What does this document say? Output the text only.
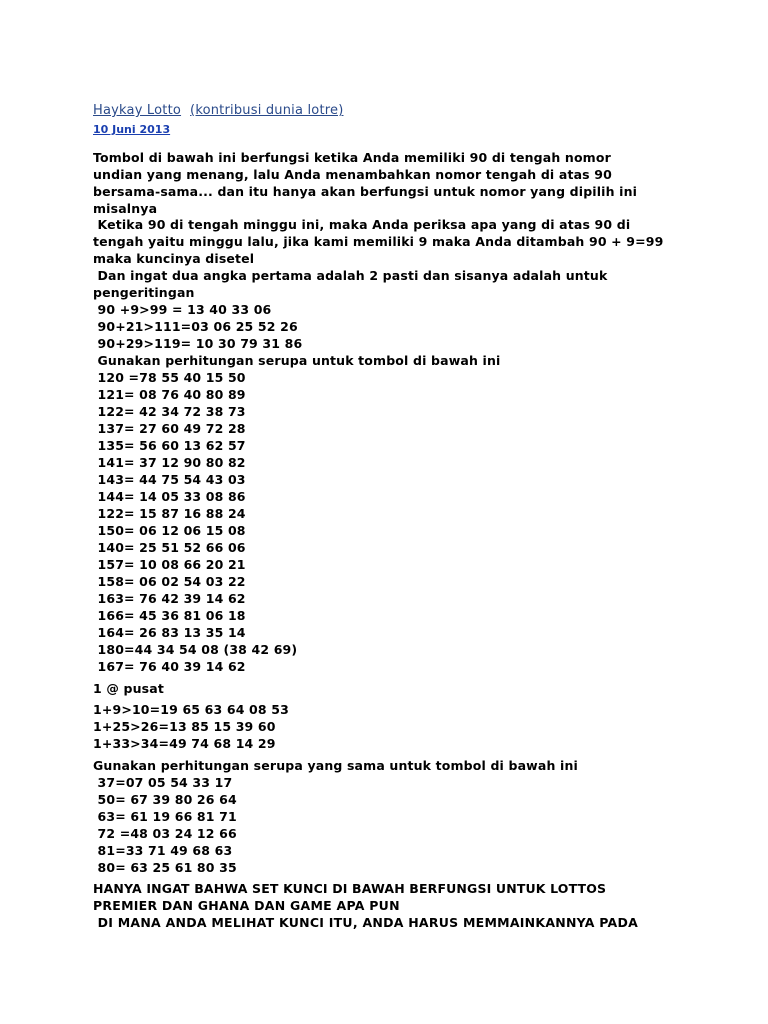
Haykay Lotto (kontribusi dunia lotre)
10 Juni 2013
Tombol di bawah ini berfungsi ketika Anda memiliki 90 di tengah nomor
undian yang menang, lalu Anda menambahkan nomor tengah di atas 90
bersama-sama... dan itu hanya akan berfungsi untuk nomor yang dipilih ini
misalnya
Ketika 90 di tengah minggu ini, maka Anda periksa apa yang di atas 90 di
tengah yaitu minggu lalu, jika kami memiliki 9 maka Anda ditambah 90 + 9=99
maka kuncinya disetel
Dan ingat dua angka pertama adalah 2 pasti dan sisanya adalah untuk
pengeritingan
90 +9>99 = 13 40 33 06
90+21>111=03 06 25 52 26
90+29>119= 10 30 79 31 86
Gunakan perhitungan serupa untuk tombol di bawah ini
120 =78 55 40 15 50
121= 08 76 40 80 89
122= 42 34 72 38 73
137= 27 60 49 72 28
135= 56 60 13 62 57
141= 37 12 90 80 82
143= 44 75 54 43 03
144= 14 05 33 08 86
122= 15 87 16 88 24
150= 06 12 06 15 08
140= 25 51 52 66 06
157= 10 08 66 20 21
158= 06 02 54 03 22
163= 76 42 39 14 62
166= 45 36 81 06 18
164= 26 83 13 35 14
180=44 34 54 08 (38 42 69)
167= 76 40 39 14 62
1 @ pusat
1+9>10=19 65 63 64 08 53
1+25>26=13 85 15 39 60
1+33>34=49 74 68 14 29
Gunakan perhitungan serupa yang sama untuk tombol di bawah ini
37=07 05 54 33 17
50= 67 39 80 26 64
63= 61 19 66 81 71
72 =48 03 24 12 66
81=33 71 49 68 63
80= 63 25 61 80 35
HANYA INGAT BAHWA SET KUNCI DI BAWAH BERFUNGSI UNTUK LOTTOS
PREMIER DAN GHANA DAN GAME APA PUN
DI MANA ANDA MELIHAT KUNCI ITU, ANDA HARUS MEMMAINKANNYA PADA
